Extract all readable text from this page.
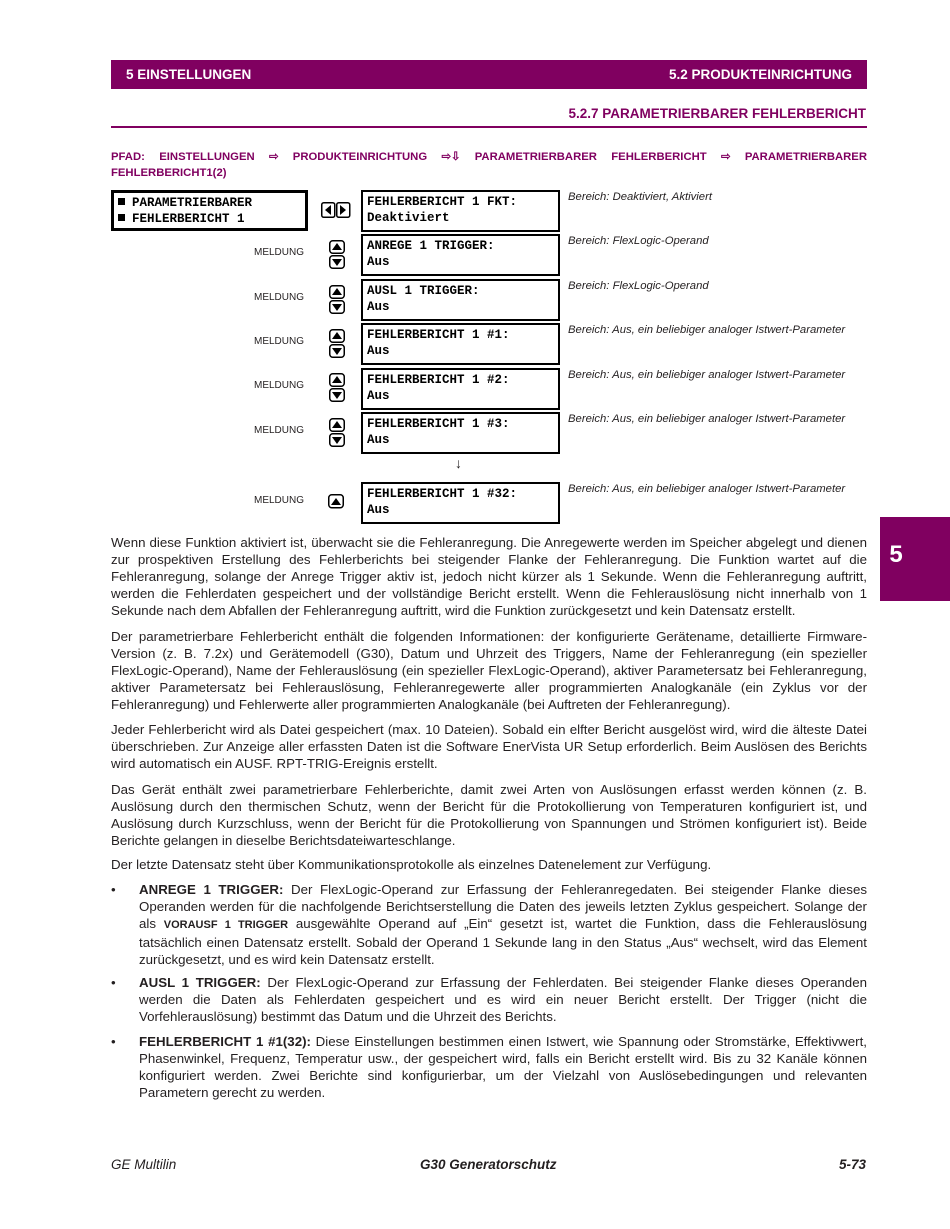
5 EINSTELLUNGEN	5.2 PRODUKTEINRICHTUNG
5.2.7 PARAMETRIERBARER FEHLERBERICHT
PFAD: EINSTELLUNGEN ⇨ PRODUKTEINRICHTUNG ⇨⇩ PARAMETRIERBARER FEHLERBERICHT ⇨ PARAMETRIERBARER FEHLERBERICHT1(2)
PARAMETRIERBARER
FEHLERBERICHT 1
FEHLERBERICHT 1 FKT:
Deaktiviert
Bereich: Deaktiviert, Aktiviert
MELDUNG	ANREGE 1 TRIGGER:
Aus
Bereich: FlexLogic-Operand
MELDUNG	AUSL 1 TRIGGER:
Aus
Bereich: FlexLogic-Operand
MELDUNG	FEHLERBERICHT 1 #1:
Aus
Bereich: Aus, ein beliebiger analoger Istwert-Parameter
MELDUNG	FEHLERBERICHT 1 #2:
Aus
Bereich: Aus, ein beliebiger analoger Istwert-Parameter
MELDUNG	FEHLERBERICHT 1 #3:
Aus
Bereich: Aus, ein beliebiger analoger Istwert-Parameter
↓
MELDUNG	FEHLERBERICHT 1 #32:
Aus
Bereich: Aus, ein beliebiger analoger Istwert-Parameter
5
Wenn diese Funktion aktiviert ist, überwacht sie die Fehleranregung. Die Anregewerte werden im Speicher abgelegt und dienen zur prospektiven Erstellung des Fehlerberichts bei steigender Flanke der Fehleranregung. Die Funktion wartet auf die Fehleranregung, solange der Anrege Trigger aktiv ist, jedoch nicht kürzer als 1 Sekunde. Wenn die Fehleranregung auftritt, werden die Fehlerdaten gespeichert und der vollständige Bericht erstellt. Wenn die Fehlerauslösung nicht innerhalb von 1 Sekunde nach dem Abfallen der Fehleranregung auftritt, wird die Funktion zurückgesetzt und kein Datensatz erstellt.
Der parametrierbare Fehlerbericht enthält die folgenden Informationen: der konfigurierte Gerätename, detaillierte Firmware-Version (z. B. 7.2x) und Gerätemodell (G30), Datum und Uhrzeit des Triggers, Name der Fehleranregung (ein spezieller FlexLogic-Operand), Name der Fehlerauslösung (ein spezieller FlexLogic-Operand), aktiver Parametersatz bei Fehleranregung, aktiver Parametersatz bei Fehlerauslösung, Fehleranregewerte aller programmierten Analogkanäle (ein Zyklus vor der Fehleranregung) und Fehlerwerte aller programmierten Analogkanäle (bei Auftreten der Fehleranregung).
Jeder Fehlerbericht wird als Datei gespeichert (max. 10 Dateien). Sobald ein elfter Bericht ausgelöst wird, wird die älteste Datei überschrieben. Zur Anzeige aller erfassten Daten ist die Software EnerVista UR Setup erforderlich. Beim Auslösen des Berichts wird automatisch ein AUSF. RPT-TRIG-Ereignis erstellt.
Das Gerät enthält zwei parametrierbare Fehlerberichte, damit zwei Arten von Auslösungen erfasst werden können (z. B. Auslösung durch den thermischen Schutz, wenn der Bericht für die Protokollierung von Temperaturen konfiguriert ist, und Auslösung durch Kurzschluss, wenn der Bericht für die Protokollierung von Spannungen und Strömen konfiguriert ist). Beide Berichte gelangen in dieselbe Berichtsdateiwarteschlange.
Der letzte Datensatz steht über Kommunikationsprotokolle als einzelnes Datenelement zur Verfügung.
• ANREGE 1 TRIGGER: Der FlexLogic-Operand zur Erfassung der Fehleranregedaten. Bei steigender Flanke dieses Operanden werden für die nachfolgende Berichtserstellung die Daten des jeweils letzten Zyklus gespeichert. Solange der als VORAUSF 1 TRIGGER ausgewählte Operand auf „Ein“ gesetzt ist, wartet die Funktion, dass die Fehlerauslösung tatsächlich einen Datensatz erstellt. Sobald der Operand 1 Sekunde lang in den Status „Aus“ wechselt, wird das Element zurückgesetzt, und es wird kein Datensatz erstellt.
• AUSL 1 TRIGGER: Der FlexLogic-Operand zur Erfassung der Fehlerdaten. Bei steigender Flanke dieses Operanden werden die Daten als Fehlerdaten gespeichert und es wird ein neuer Bericht erstellt. Der Trigger (nicht die Vorfehlerauslösung) bestimmt das Datum und die Uhrzeit des Berichts.
• FEHLERBERICHT 1 #1(32): Diese Einstellungen bestimmen einen Istwert, wie Spannung oder Stromstärke, Effektivwert, Phasenwinkel, Frequenz, Temperatur usw., der gespeichert wird, falls ein Bericht erstellt wird. Bis zu 32 Kanäle können konfiguriert werden. Zwei Berichte sind konfigurierbar, um der Vielzahl von Auslösebedingungen und relevanten Parametern gerecht zu werden.
GE Multilin	G30 Generatorschutz	5-73
